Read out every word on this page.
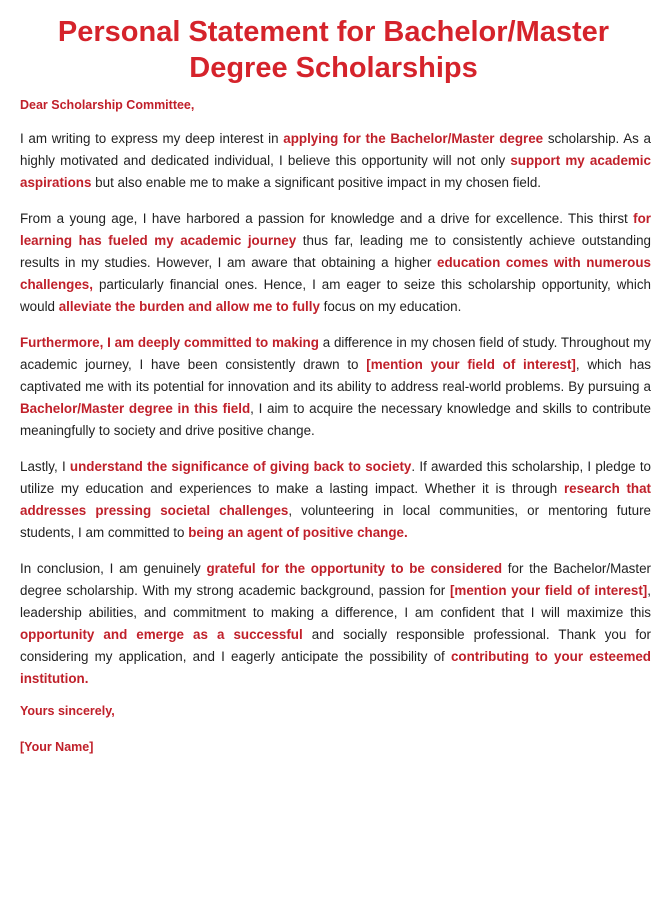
Personal Statement for Bachelor/Master
Degree Scholarships
Dear Scholarship Committee,

I am writing to express my deep interest in applying for the Bachelor/Master degree scholarship. As a highly motivated and dedicated individual, I believe this opportunity will not only support my academic aspirations but also enable me to make a significant positive impact in my chosen field.

From a young age, I have harbored a passion for knowledge and a drive for excellence. This thirst for learning has fueled my academic journey thus far, leading me to consistently achieve outstanding results in my studies. However, I am aware that obtaining a higher education comes with numerous challenges, particularly financial ones. Hence, I am eager to seize this scholarship opportunity, which would alleviate the burden and allow me to fully focus on my education.

Furthermore, I am deeply committed to making a difference in my chosen field of study. Throughout my academic journey, I have been consistently drawn to [mention your field of interest], which has captivated me with its potential for innovation and its ability to address real-world problems. By pursuing a Bachelor/Master degree in this field, I aim to acquire the necessary knowledge and skills to contribute meaningfully to society and drive positive change.

Lastly, I understand the significance of giving back to society. If awarded this scholarship, I pledge to utilize my education and experiences to make a lasting impact. Whether it is through research that addresses pressing societal challenges, volunteering in local communities, or mentoring future students, I am committed to being an agent of positive change.

In conclusion, I am genuinely grateful for the opportunity to be considered for the Bachelor/Master degree scholarship. With my strong academic background, passion for [mention your field of interest], leadership abilities, and commitment to making a difference, I am confident that I will maximize this opportunity and emerge as a successful and socially responsible professional. Thank you for considering my application, and I eagerly anticipate the possibility of contributing to your esteemed institution.

Yours sincerely,
[Your Name]
